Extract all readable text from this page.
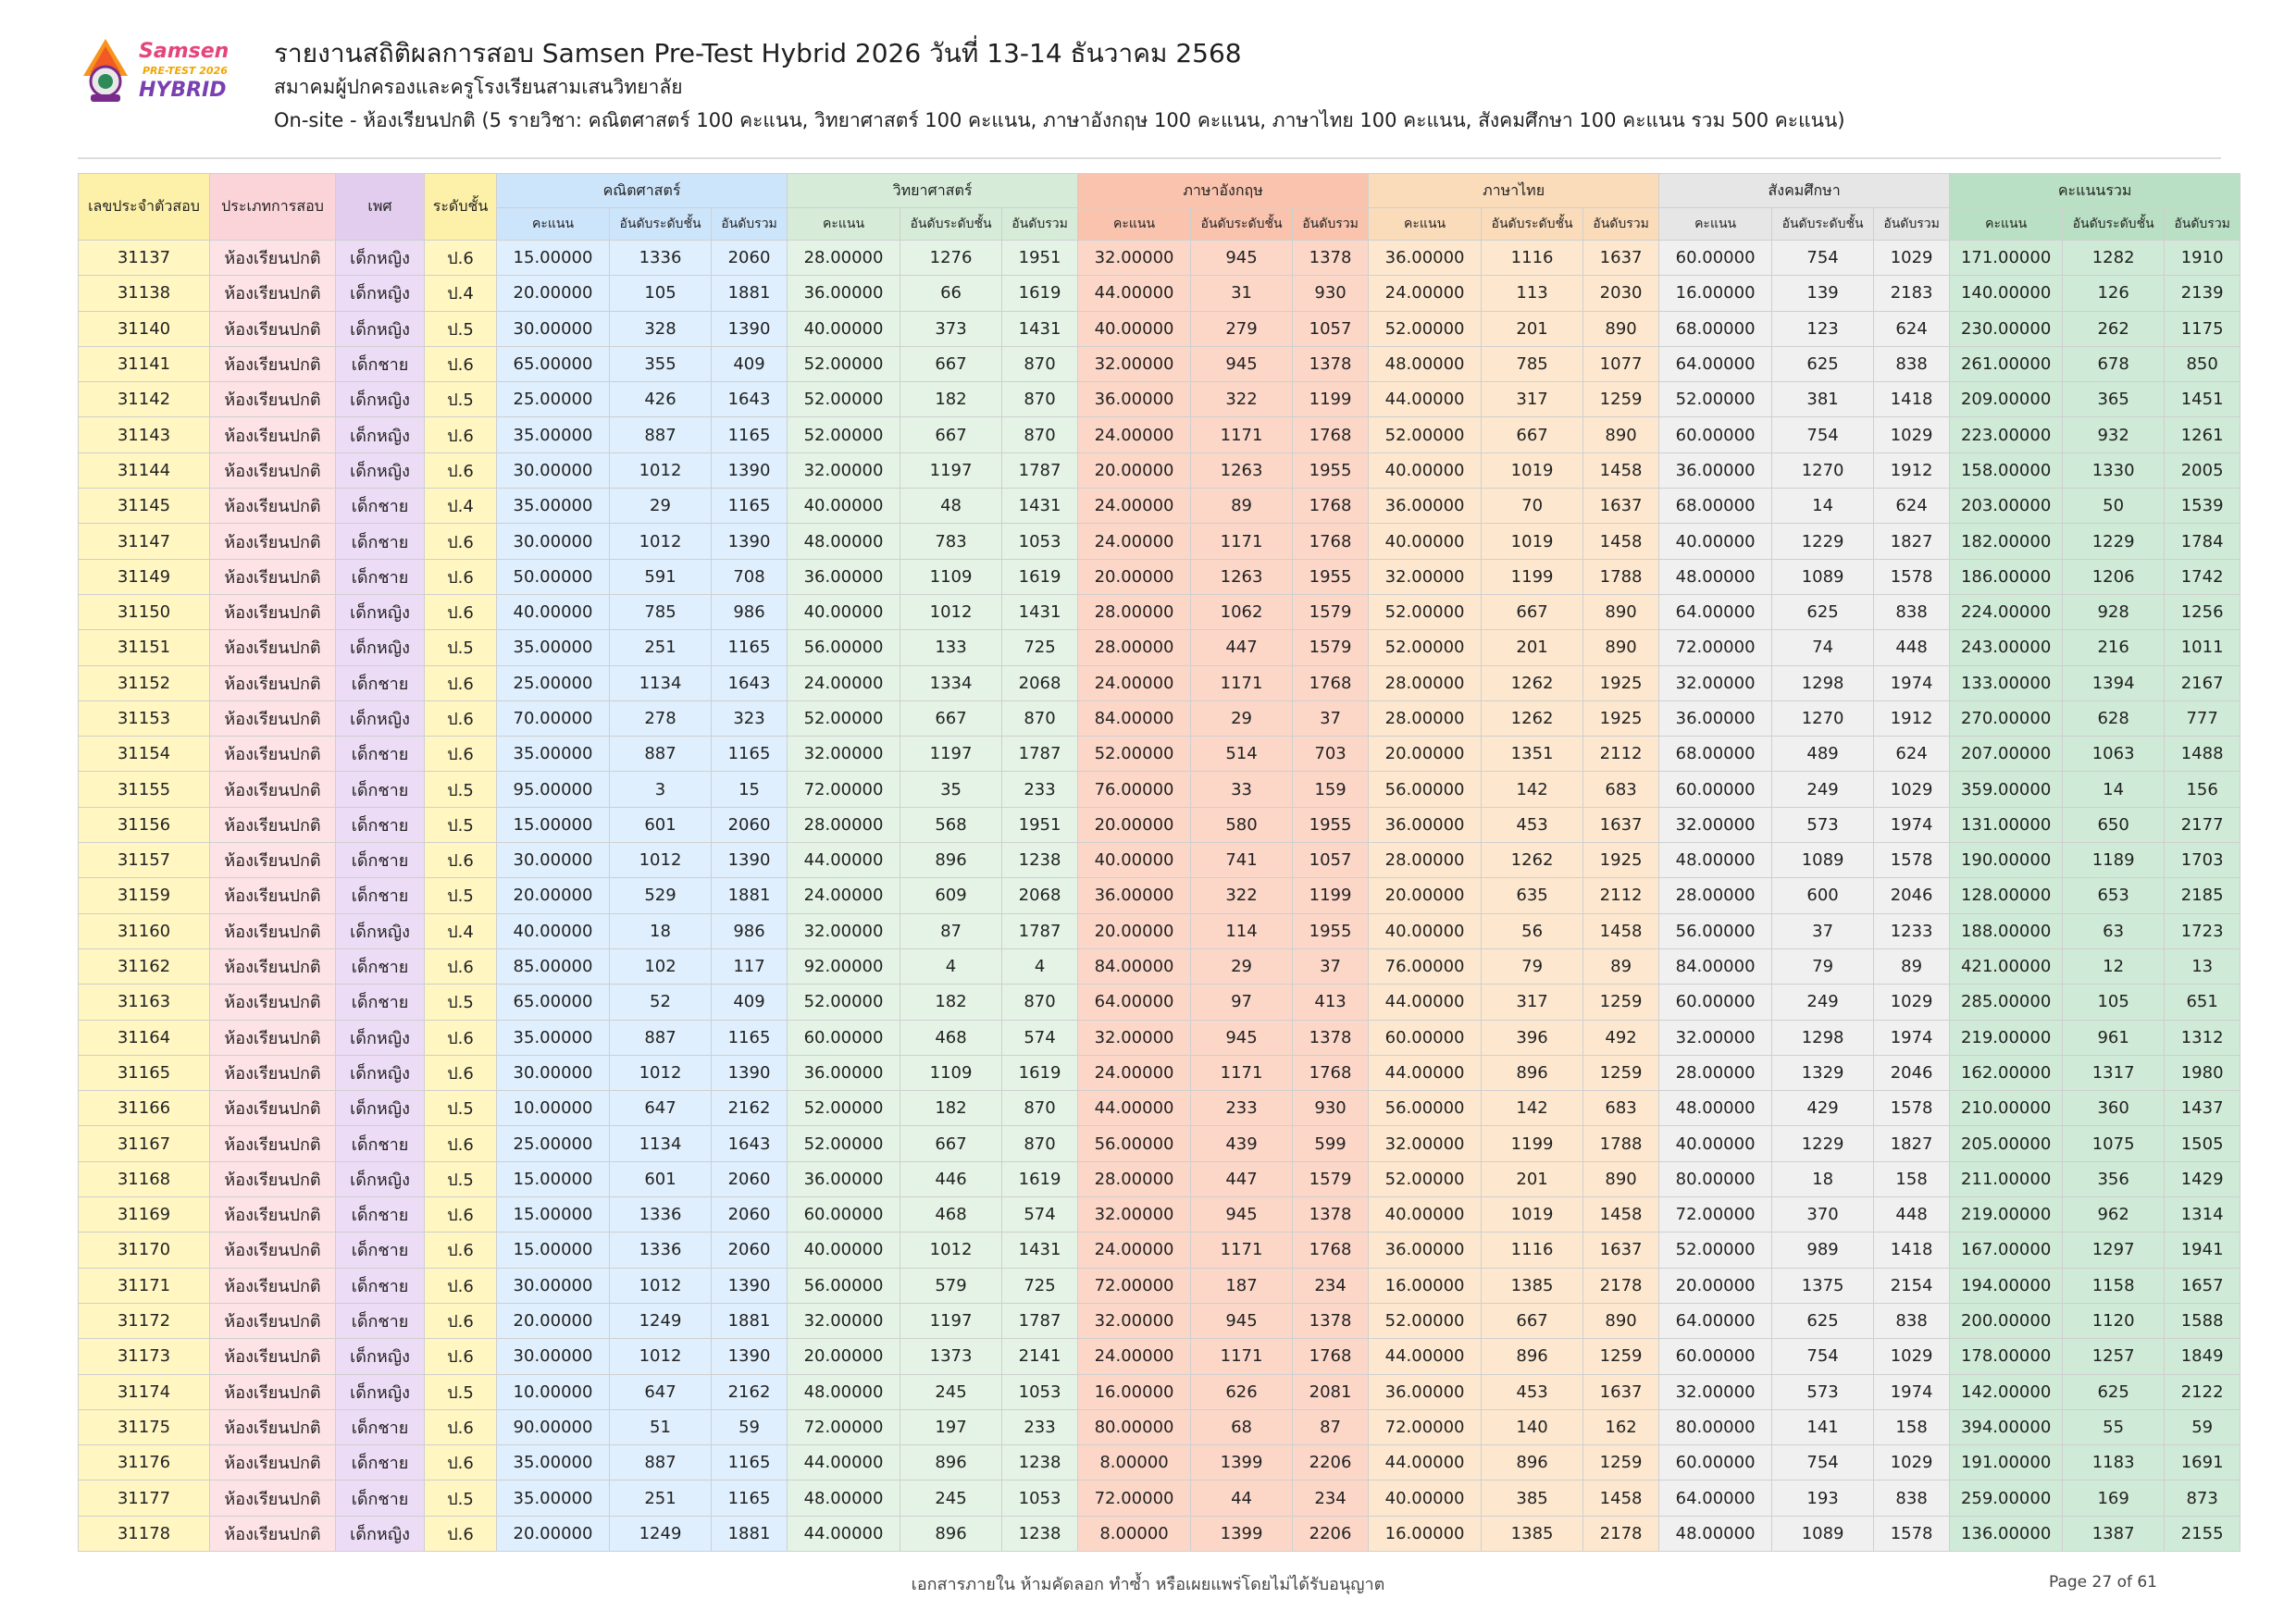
Samsen
PRE-TEST 2026
HYBRID
รายงานสถิติผลการสอบ Samsen Pre-Test Hybrid 2026 วันที่ 13-14 ธันวาคม 2568
สมาคมผู้ปกครองและครูโรงเรียนสามเสนวิทยาลัย
On-site - ห้องเรียนปกติ (5 รายวิชา: คณิตศาสตร์ 100 คะแนน, วิทยาศาสตร์ 100 คะแนน, ภาษาอังกฤษ 100 คะแนน, ภาษาไทย 100 คะแนน, สังคมศึกษา 100 คะแนน รวม 500 คะแนน)
เลขประจำตัวสอบ	ประเภทการสอบ	เพศ	ระดับชั้น	คณิตศาสตร์			วิทยาศาสตร์			ภาษาอังกฤษ			ภาษาไทย			สังคมศึกษา			คะแนนรวม		
				คะแนน	อันดับระดับชั้น	อันดับรวม	คะแนน	อันดับระดับชั้น	อันดับรวม	คะแนน	อันดับระดับชั้น	อันดับรวม	คะแนน	อันดับระดับชั้น	อันดับรวม	คะแนน	อันดับระดับชั้น	อันดับรวม	คะแนน	อันดับระดับชั้น	อันดับรวม
31137	ห้องเรียนปกติ	เด็กหญิง	ป.6	15.00000	1336	2060	28.00000	1276	1951	32.00000	945	1378	36.00000	1116	1637	60.00000	754	1029	171.00000	1282	1910
31138	ห้องเรียนปกติ	เด็กหญิง	ป.4	20.00000	105	1881	36.00000	66	1619	44.00000	31	930	24.00000	113	2030	16.00000	139	2183	140.00000	126	2139
31140	ห้องเรียนปกติ	เด็กหญิง	ป.5	30.00000	328	1390	40.00000	373	1431	40.00000	279	1057	52.00000	201	890	68.00000	123	624	230.00000	262	1175
31141	ห้องเรียนปกติ	เด็กชาย	ป.6	65.00000	355	409	52.00000	667	870	32.00000	945	1378	48.00000	785	1077	64.00000	625	838	261.00000	678	850
31142	ห้องเรียนปกติ	เด็กหญิง	ป.5	25.00000	426	1643	52.00000	182	870	36.00000	322	1199	44.00000	317	1259	52.00000	381	1418	209.00000	365	1451
31143	ห้องเรียนปกติ	เด็กหญิง	ป.6	35.00000	887	1165	52.00000	667	870	24.00000	1171	1768	52.00000	667	890	60.00000	754	1029	223.00000	932	1261
31144	ห้องเรียนปกติ	เด็กหญิง	ป.6	30.00000	1012	1390	32.00000	1197	1787	20.00000	1263	1955	40.00000	1019	1458	36.00000	1270	1912	158.00000	1330	2005
31145	ห้องเรียนปกติ	เด็กชาย	ป.4	35.00000	29	1165	40.00000	48	1431	24.00000	89	1768	36.00000	70	1637	68.00000	14	624	203.00000	50	1539
31147	ห้องเรียนปกติ	เด็กชาย	ป.6	30.00000	1012	1390	48.00000	783	1053	24.00000	1171	1768	40.00000	1019	1458	40.00000	1229	1827	182.00000	1229	1784
31149	ห้องเรียนปกติ	เด็กชาย	ป.6	50.00000	591	708	36.00000	1109	1619	20.00000	1263	1955	32.00000	1199	1788	48.00000	1089	1578	186.00000	1206	1742
31150	ห้องเรียนปกติ	เด็กหญิง	ป.6	40.00000	785	986	40.00000	1012	1431	28.00000	1062	1579	52.00000	667	890	64.00000	625	838	224.00000	928	1256
31151	ห้องเรียนปกติ	เด็กหญิง	ป.5	35.00000	251	1165	56.00000	133	725	28.00000	447	1579	52.00000	201	890	72.00000	74	448	243.00000	216	1011
31152	ห้องเรียนปกติ	เด็กชาย	ป.6	25.00000	1134	1643	24.00000	1334	2068	24.00000	1171	1768	28.00000	1262	1925	32.00000	1298	1974	133.00000	1394	2167
31153	ห้องเรียนปกติ	เด็กหญิง	ป.6	70.00000	278	323	52.00000	667	870	84.00000	29	37	28.00000	1262	1925	36.00000	1270	1912	270.00000	628	777
31154	ห้องเรียนปกติ	เด็กชาย	ป.6	35.00000	887	1165	32.00000	1197	1787	52.00000	514	703	20.00000	1351	2112	68.00000	489	624	207.00000	1063	1488
31155	ห้องเรียนปกติ	เด็กชาย	ป.5	95.00000	3	15	72.00000	35	233	76.00000	33	159	56.00000	142	683	60.00000	249	1029	359.00000	14	156
31156	ห้องเรียนปกติ	เด็กชาย	ป.5	15.00000	601	2060	28.00000	568	1951	20.00000	580	1955	36.00000	453	1637	32.00000	573	1974	131.00000	650	2177
31157	ห้องเรียนปกติ	เด็กชาย	ป.6	30.00000	1012	1390	44.00000	896	1238	40.00000	741	1057	28.00000	1262	1925	48.00000	1089	1578	190.00000	1189	1703
31159	ห้องเรียนปกติ	เด็กชาย	ป.5	20.00000	529	1881	24.00000	609	2068	36.00000	322	1199	20.00000	635	2112	28.00000	600	2046	128.00000	653	2185
31160	ห้องเรียนปกติ	เด็กหญิง	ป.4	40.00000	18	986	32.00000	87	1787	20.00000	114	1955	40.00000	56	1458	56.00000	37	1233	188.00000	63	1723
31162	ห้องเรียนปกติ	เด็กชาย	ป.6	85.00000	102	117	92.00000	4	4	84.00000	29	37	76.00000	79	89	84.00000	79	89	421.00000	12	13
31163	ห้องเรียนปกติ	เด็กชาย	ป.5	65.00000	52	409	52.00000	182	870	64.00000	97	413	44.00000	317	1259	60.00000	249	1029	285.00000	105	651
31164	ห้องเรียนปกติ	เด็กหญิง	ป.6	35.00000	887	1165	60.00000	468	574	32.00000	945	1378	60.00000	396	492	32.00000	1298	1974	219.00000	961	1312
31165	ห้องเรียนปกติ	เด็กหญิง	ป.6	30.00000	1012	1390	36.00000	1109	1619	24.00000	1171	1768	44.00000	896	1259	28.00000	1329	2046	162.00000	1317	1980
31166	ห้องเรียนปกติ	เด็กหญิง	ป.5	10.00000	647	2162	52.00000	182	870	44.00000	233	930	56.00000	142	683	48.00000	429	1578	210.00000	360	1437
31167	ห้องเรียนปกติ	เด็กชาย	ป.6	25.00000	1134	1643	52.00000	667	870	56.00000	439	599	32.00000	1199	1788	40.00000	1229	1827	205.00000	1075	1505
31168	ห้องเรียนปกติ	เด็กหญิง	ป.5	15.00000	601	2060	36.00000	446	1619	28.00000	447	1579	52.00000	201	890	80.00000	18	158	211.00000	356	1429
31169	ห้องเรียนปกติ	เด็กชาย	ป.6	15.00000	1336	2060	60.00000	468	574	32.00000	945	1378	40.00000	1019	1458	72.00000	370	448	219.00000	962	1314
31170	ห้องเรียนปกติ	เด็กชาย	ป.6	15.00000	1336	2060	40.00000	1012	1431	24.00000	1171	1768	36.00000	1116	1637	52.00000	989	1418	167.00000	1297	1941
31171	ห้องเรียนปกติ	เด็กชาย	ป.6	30.00000	1012	1390	56.00000	579	725	72.00000	187	234	16.00000	1385	2178	20.00000	1375	2154	194.00000	1158	1657
31172	ห้องเรียนปกติ	เด็กชาย	ป.6	20.00000	1249	1881	32.00000	1197	1787	32.00000	945	1378	52.00000	667	890	64.00000	625	838	200.00000	1120	1588
31173	ห้องเรียนปกติ	เด็กหญิง	ป.6	30.00000	1012	1390	20.00000	1373	2141	24.00000	1171	1768	44.00000	896	1259	60.00000	754	1029	178.00000	1257	1849
31174	ห้องเรียนปกติ	เด็กหญิง	ป.5	10.00000	647	2162	48.00000	245	1053	16.00000	626	2081	36.00000	453	1637	32.00000	573	1974	142.00000	625	2122
31175	ห้องเรียนปกติ	เด็กชาย	ป.6	90.00000	51	59	72.00000	197	233	80.00000	68	87	72.00000	140	162	80.00000	141	158	394.00000	55	59
31176	ห้องเรียนปกติ	เด็กชาย	ป.6	35.00000	887	1165	44.00000	896	1238	8.00000	1399	2206	44.00000	896	1259	60.00000	754	1029	191.00000	1183	1691
31177	ห้องเรียนปกติ	เด็กชาย	ป.5	35.00000	251	1165	48.00000	245	1053	72.00000	44	234	40.00000	385	1458	64.00000	193	838	259.00000	169	873
31178	ห้องเรียนปกติ	เด็กหญิง	ป.6	20.00000	1249	1881	44.00000	896	1238	8.00000	1399	2206	16.00000	1385	2178	48.00000	1089	1578	136.00000	1387	2155
เอกสารภายใน ห้ามคัดลอก ทำซ้ำ หรือเผยแพร่โดยไม่ได้รับอนุญาต	Page 27 of 61
